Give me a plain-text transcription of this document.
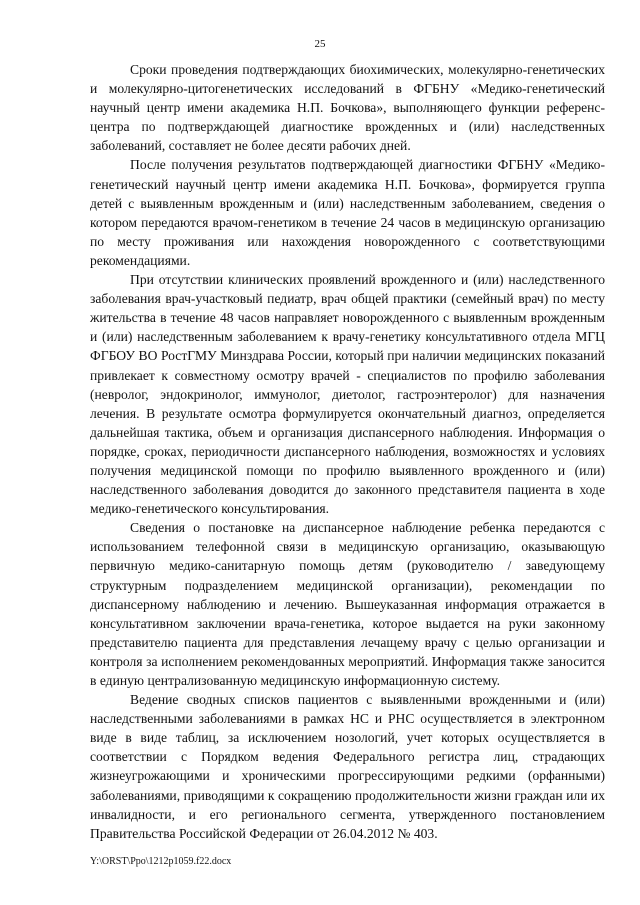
25

Сроки проведения подтверждающих биохимических, молекулярно-генетических и молекулярно-цитогенетических исследований в ФГБНУ «Медико-генетический научный центр имени академика Н.П. Бочкова», выполняющего функции референс-центра по подтверждающей диагностике врожденных и (или) наследственных заболеваний, составляет не более десяти рабочих дней.

После получения результатов подтверждающей диагностики ФГБНУ «Медико-генетический научный центр имени академика Н.П. Бочкова», формируется группа детей с выявленным врожденным и (или) наследственным заболеванием, сведения о котором передаются врачом-генетиком в течение 24 часов в медицинскую организацию по месту проживания или нахождения новорожденного с соответствующими рекомендациями.

При отсутствии клинических проявлений врожденного и (или) наследственного заболевания врач-участковый педиатр, врач общей практики (семейный врач) по месту жительства в течение 48 часов направляет новорожденного с выявленным врожденным и (или) наследственным заболеванием к врачу-генетику консультативного отдела МГЦ ФГБОУ ВО РостГМУ Минздрава России, который при наличии медицинских показаний привлекает к совместному осмотру врачей - специалистов по профилю заболевания (невролог, эндокринолог, иммунолог, диетолог, гастроэнтеролог) для назначения лечения. В результате осмотра формулируется окончательный диагноз, определяется дальнейшая тактика, объем и организация диспансерного наблюдения. Информация о порядке, сроках, периодичности диспансерного наблюдения, возможностях и условиях получения медицинской помощи по профилю выявленного врожденного и (или) наследственного заболевания доводится до законного представителя пациента в ходе медико-генетического консультирования.

Сведения о постановке на диспансерное наблюдение ребенка передаются с использованием телефонной связи в медицинскую организацию, оказывающую первичную медико-санитарную помощь детям (руководителю / заведующему структурным подразделением медицинской организации), рекомендации по диспансерному наблюдению и лечению. Вышеуказанная информация отражается в консультативном заключении врача-генетика, которое выдается на руки законному представителю пациента для представления лечащему врачу с целью организации и контроля за исполнением рекомендованных мероприятий. Информация также заносится в единую централизованную медицинскую информационную систему.

Ведение сводных списков пациентов с выявленными врожденными и (или) наследственными заболеваниями в рамках НС и РНС осуществляется в электронном виде в виде таблиц, за исключением нозологий, учет которых осуществляется в соответствии с Порядком ведения Федерального регистра лиц, страдающих жизнеугрожающими и хроническими прогрессирующими редкими (орфанными) заболеваниями, приводящими к сокращению продолжительности жизни граждан или их инвалидности, и его регионального сегмента, утвержденного постановлением Правительства Российской Федерации от 26.04.2012 № 403.

Y:\ORST\Ppo\1212p1059.f22.docx
